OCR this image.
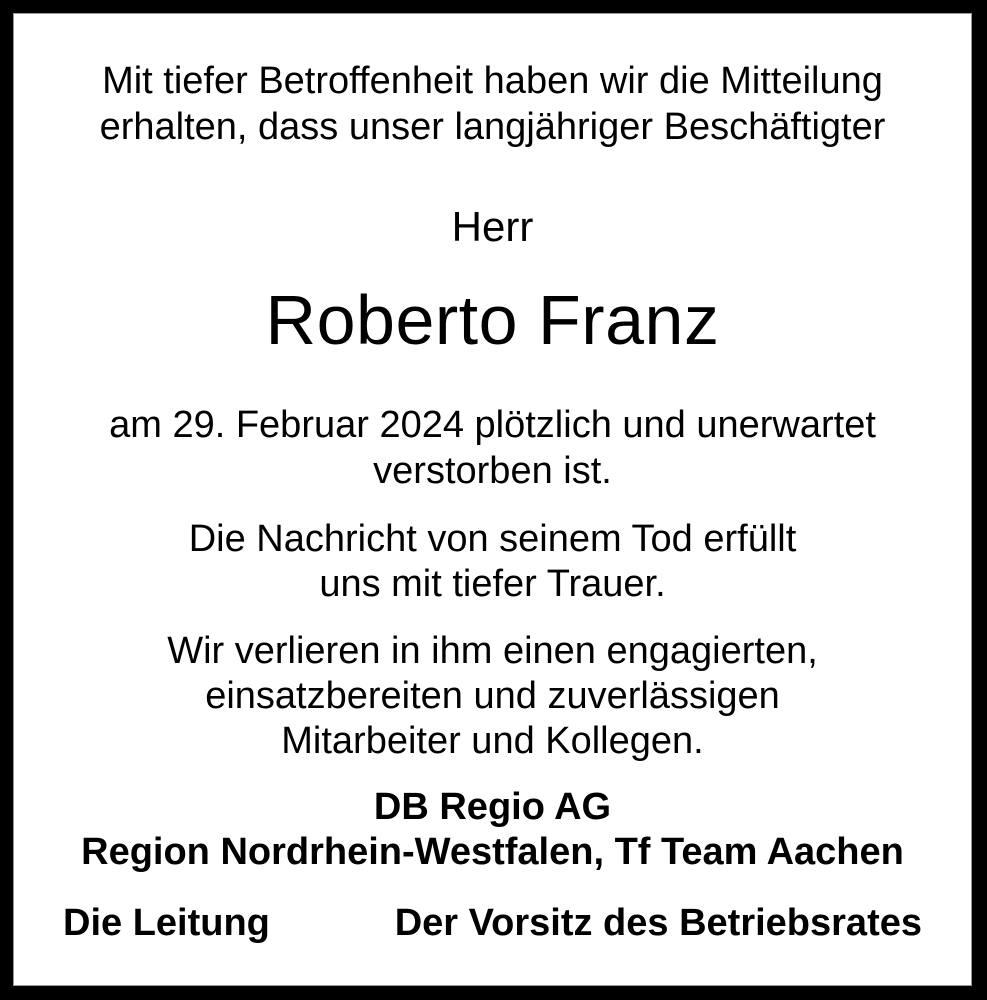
Mit tiefer Betroffenheit haben wir die Mitteilung
erhalten, dass unser langjähriger Beschäftigter
Herr
Roberto Franz
am 29. Februar 2024 plötzlich und unerwartet
verstorben ist.
Die Nachricht von seinem Tod erfüllt
uns mit tiefer Trauer.
Wir verlieren in ihm einen engagierten,
einsatzbereiten und zuverlässigen
Mitarbeiter und Kollegen.
DB Regio AG
Region Nordrhein-Westfalen, Tf Team Aachen
Die Leitung	Der Vorsitz des Betriebsrates
